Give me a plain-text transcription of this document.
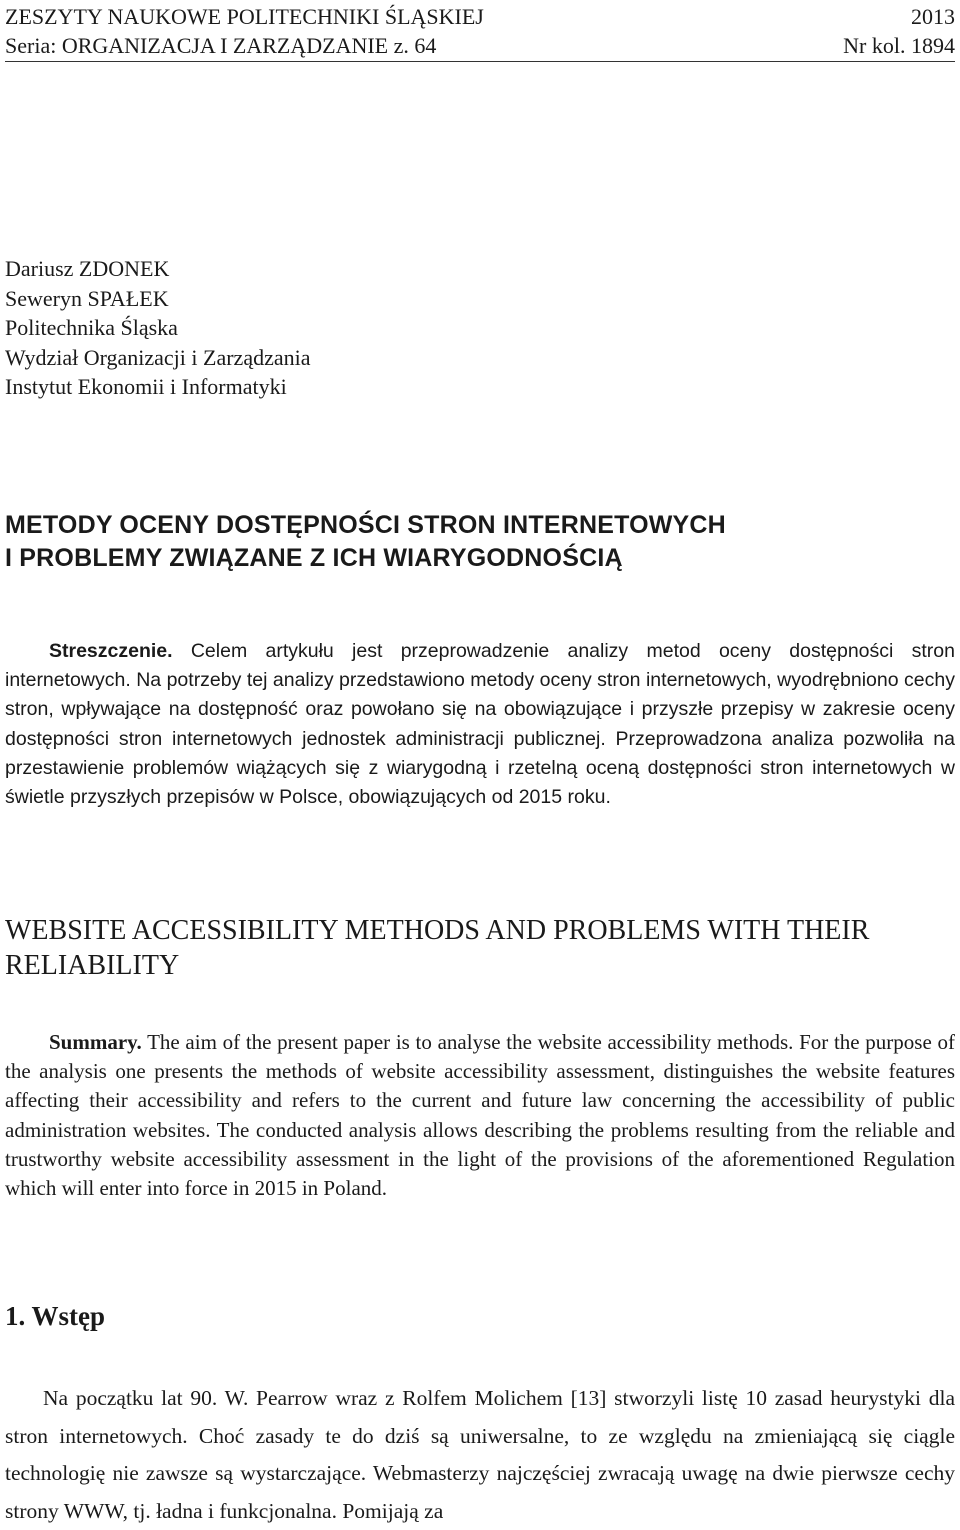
ZESZYTY NAUKOWE POLITECHNIKI ŚLĄSKIEJ	2013
Seria: ORGANIZACJA I ZARZĄDZANIE z. 64	Nr kol. 1894
Dariusz ZDONEK
Seweryn SPAŁEK
Politechnika Śląska
Wydział Organizacji i Zarządzania
Instytut Ekonomii i Informatyki
METODY OCENY DOSTĘPNOŚCI STRON INTERNETOWYCH
I PROBLEMY ZWIĄZANE Z ICH WIARYGODNOŚCIĄ
Streszczenie. Celem artykułu jest przeprowadzenie analizy metod oceny dostępności stron internetowych. Na potrzeby tej analizy przedstawiono metody oceny stron internetowych, wyodrębniono cechy stron, wpływające na dostępność oraz powołano się na obowiązujące i przyszłe przepisy w zakresie oceny dostępności stron internetowych jednostek administracji publicznej. Przeprowadzona analiza pozwoliła na przestawienie problemów wiążących się z wiarygodną i rzetelną oceną dostępności stron internetowych w świetle przyszłych przepisów w Polsce, obowiązujących od 2015 roku.
WEBSITE ACCESSIBILITY METHODS AND PROBLEMS WITH THEIR
RELIABILITY
Summary. The aim of the present paper is to analyse the website accessibility methods. For the purpose of the analysis one presents the methods of website accessibility assessment, distinguishes the website features affecting their accessibility and refers to the current and future law concerning the accessibility of public administration websites. The conducted analysis allows describing the problems resulting from the reliable and trustworthy website accessibility assessment in the light of the provisions of the aforementioned Regulation which will enter into force in 2015 in Poland.
1. Wstęp
Na początku lat 90. W. Pearrow wraz z Rolfem Molichem [13] stworzyli listę 10 zasad heurystyki dla stron internetowych. Choć zasady te do dziś są uniwersalne, to ze względu na zmieniającą się ciągle technologię nie zawsze są wystarczające. Webmasterzy najczęściej zwracają uwagę na dwie pierwsze cechy strony WWW, tj. ładna i funkcjonalna. Pomijają za
